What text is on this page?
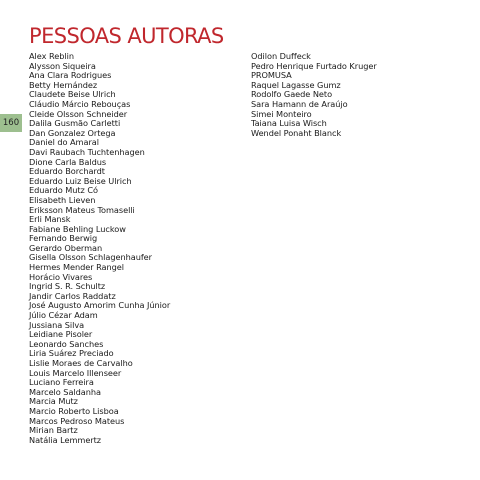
PESSOAS AUTORAS
160
Alex Reblin
Alysson Siqueira
Ana Clara Rodrigues
Betty Hernández
Claudete Beise Ulrich
Cláudio Márcio Rebouças
Cleide Olsson Schneider
Dalila Gusmão Carletti
Dan Gonzalez Ortega
Daniel do Amaral
Davi Raubach Tuchtenhagen
Dione Carla Baldus
Eduardo Borchardt
Eduardo Luiz Beise Ulrich
Eduardo Mutz Có
Elisabeth Lieven
Eriksson Mateus Tomaselli
Erli Mansk
Fabiane Behling Luckow
Fernando Berwig
Gerardo Oberman
Gisella Olsson Schlagenhaufer
Hermes Mender Rangel
Horácio Vivares
Ingrid S. R. Schultz
Jandir Carlos Raddatz
José Augusto Amorim Cunha Júnior
Júlio Cézar Adam
Jussiana Silva
Leidiane Pisoler
Leonardo Sanches
Liria Suárez Preciado
Lislie Moraes de Carvalho
Louis Marcelo Illenseer
Luciano Ferreira
Marcelo Saldanha
Marcia Mutz
Marcio Roberto Lisboa
Marcos Pedroso Mateus
Mirian Bartz
Natália Lemmertz
Odilon Duffeck
Pedro Henrique Furtado Kruger
PROMUSA
Raquel Lagasse Gumz
Rodolfo Gaede Neto
Sara Hamann de Araújo
Simei Monteiro
Taiana Luisa Wisch
Wendel Ponaht Blanck
